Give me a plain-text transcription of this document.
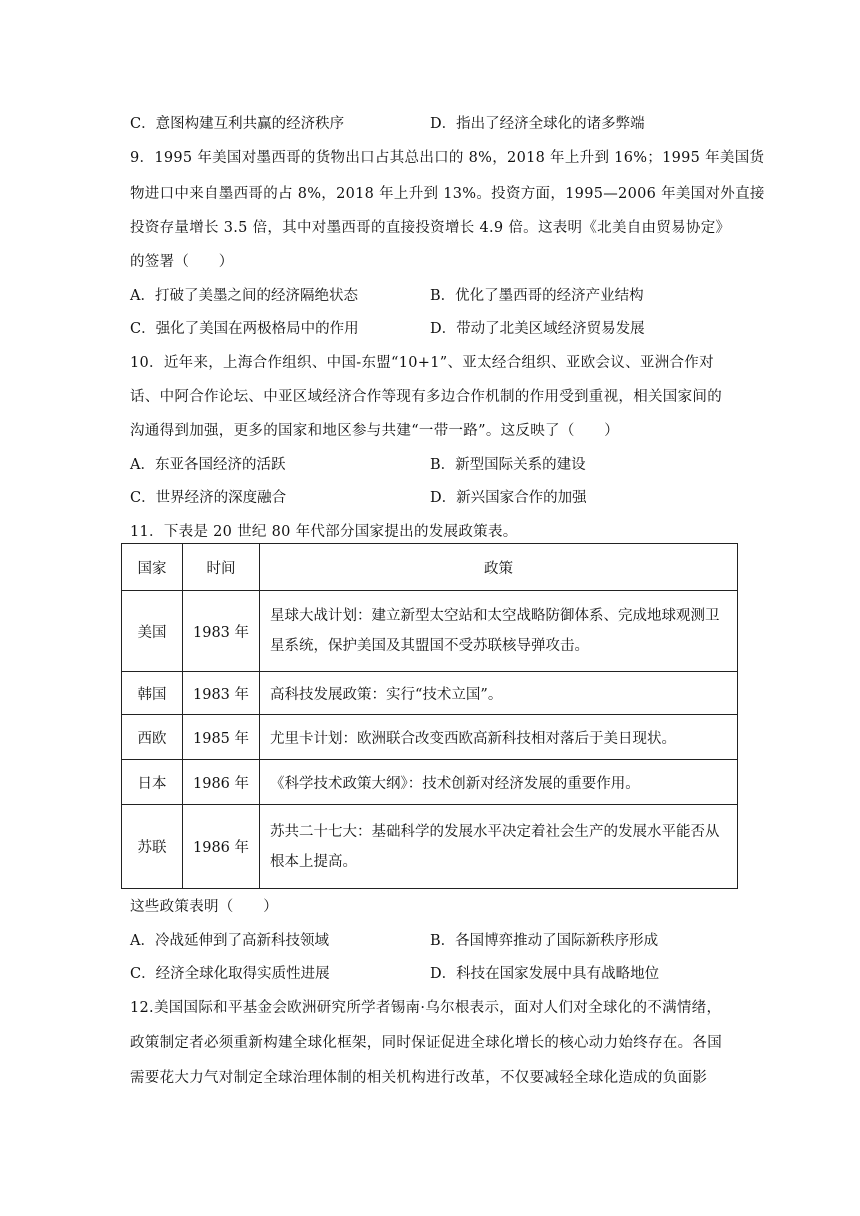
C．意图构建互利共赢的经济秩序	D．指出了经济全球化的诸多弊端
9．1995 年美国对墨西哥的货物出口占其总出口的 8%，2018 年上升到 16%；1995 年美国货
物进口中来自墨西哥的占 8%，2018 年上升到 13%。投资方面，1995—2006 年美国对外直接
投资存量增长 3.5 倍，其中对墨西哥的直接投资增长 4.9 倍。这表明《北美自由贸易协定》
的签署（　　）
A．打破了美墨之间的经济隔绝状态	B．优化了墨西哥的经济产业结构
C．强化了美国在两极格局中的作用	D．带动了北美区域经济贸易发展
10．近年来，上海合作组织、中国-东盟“10+1”、亚太经合组织、亚欧会议、亚洲合作对
话、中阿合作论坛、中亚区域经济合作等现有多边合作机制的作用受到重视，相关国家间的
沟通得到加强，更多的国家和地区参与共建“一带一路”。这反映了（　　）
A．东亚各国经济的活跃	B．新型国际关系的建设
C．世界经济的深度融合	D．新兴国家合作的加强
11．下表是 20 世纪 80 年代部分国家提出的发展政策表。
国家	时间	政策
美国	1983 年	星球大战计划：建立新型太空站和太空战略防御体系、完成地球观测卫星系统，保护美国及其盟国不受苏联核导弹攻击。
韩国	1983 年	高科技发展政策：实行“技术立国”。
西欧	1985 年	尤里卡计划：欧洲联合改变西欧高新科技相对落后于美日现状。
日本	1986 年	《科学技术政策大纲》：技术创新对经济发展的重要作用。
苏联	1986 年	苏共二十七大：基础科学的发展水平决定着社会生产的发展水平能否从根本上提高。
这些政策表明（　　）
A．冷战延伸到了高新科技领域	B．各国博弈推动了国际新秩序形成
C．经济全球化取得实质性进展	D．科技在国家发展中具有战略地位
12.美国国际和平基金会欧洲研究所学者锡南·乌尔根表示，面对人们对全球化的不满情绪，
政策制定者必须重新构建全球化框架，同时保证促进全球化增长的核心动力始终存在。各国
需要花大力气对制定全球治理体制的相关机构进行改革，不仅要减轻全球化造成的负面影
